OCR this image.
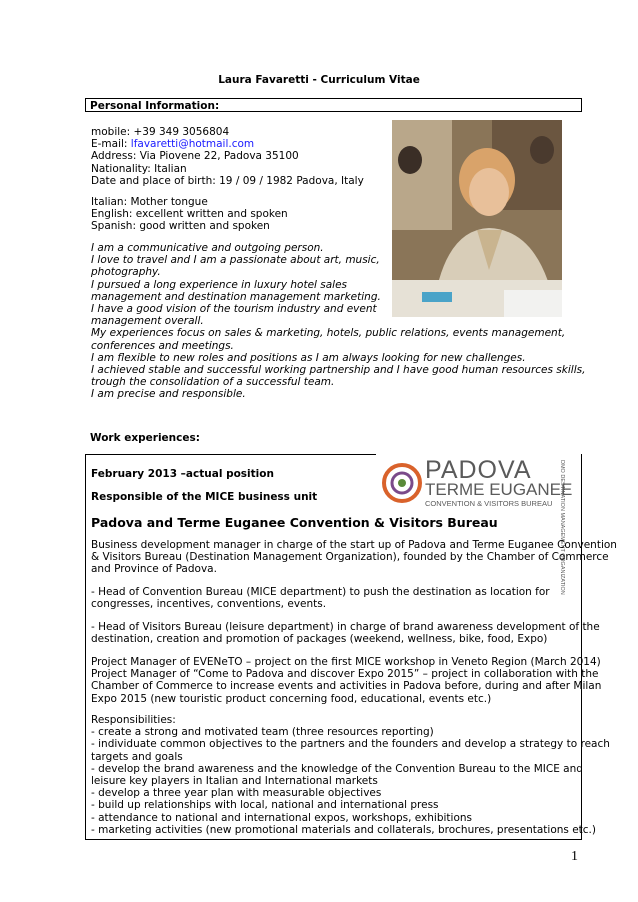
Laura Favaretti - Curriculum Vitae
Personal Information:
mobile: +39 349 3056804
E-mail: lfavaretti@hotmail.com
Address: Via Piovene 22, Padova 35100
Nationality: Italian
Date and place of birth: 19 / 09 / 1982 Padova, Italy
Italian: Mother tongue
English: excellent written and spoken
Spanish: good written and spoken
I am a communicative and outgoing person.
I love to travel and I am a passionate about art, music,
photography.
I pursued a long experience in luxury hotel sales
management and destination management marketing.
I have a good vision of the tourism industry and event
management overall.
My experiences focus on sales & marketing, hotels, public relations, events management,
conferences and meetings.
I am flexible to new roles and positions as I am always looking for new challenges.
I achieved stable and successful working partnership and I have good human resources skills,
trough the consolidation of a successful team.
I am precise and responsible.
Work experiences:
February 2013 –actual position
Responsible of the MICE business unit
PADOVA
TERME EUGANEE
CONVENTION & VISITORS BUREAU DMO DESTINATION MANAGEMENT ORGANIZATION
Padova and Terme Euganee Convention & Visitors Bureau
Business development manager in charge of the start up of Padova and Terme Euganee Convention
& Visitors Bureau (Destination Management Organization), founded by the Chamber of Commerce
and Province of Padova.
- Head of Convention Bureau (MICE department) to push the destination as location for
congresses, incentives, conventions, events.
- Head of Visitors Bureau (leisure department) in charge of brand awareness development of the
destination, creation and promotion of packages (weekend, wellness, bike, food, Expo)
Project Manager of EVENeTO – project on the first MICE workshop in Veneto Region (March 2014)
Project Manager of “Come to Padova and discover Expo 2015” – project in collaboration with the
Chamber of Commerce to increase events and activities in Padova before, during and after Milan
Expo 2015 (new touristic product concerning food, educational, events etc.)
Responsibilities:
- create a strong and motivated team (three resources reporting)
- individuate common objectives to the partners and the founders and develop a strategy to reach
targets and goals
- develop the brand awareness and the knowledge of the Convention Bureau to the MICE and
leisure key players in Italian and International markets
- develop a three year plan with measurable objectives
- build up relationships with local, national and international press
- attendance to national and international expos, workshops, exhibitions
- marketing activities (new promotional materials and collaterals, brochures, presentations etc.)
1
